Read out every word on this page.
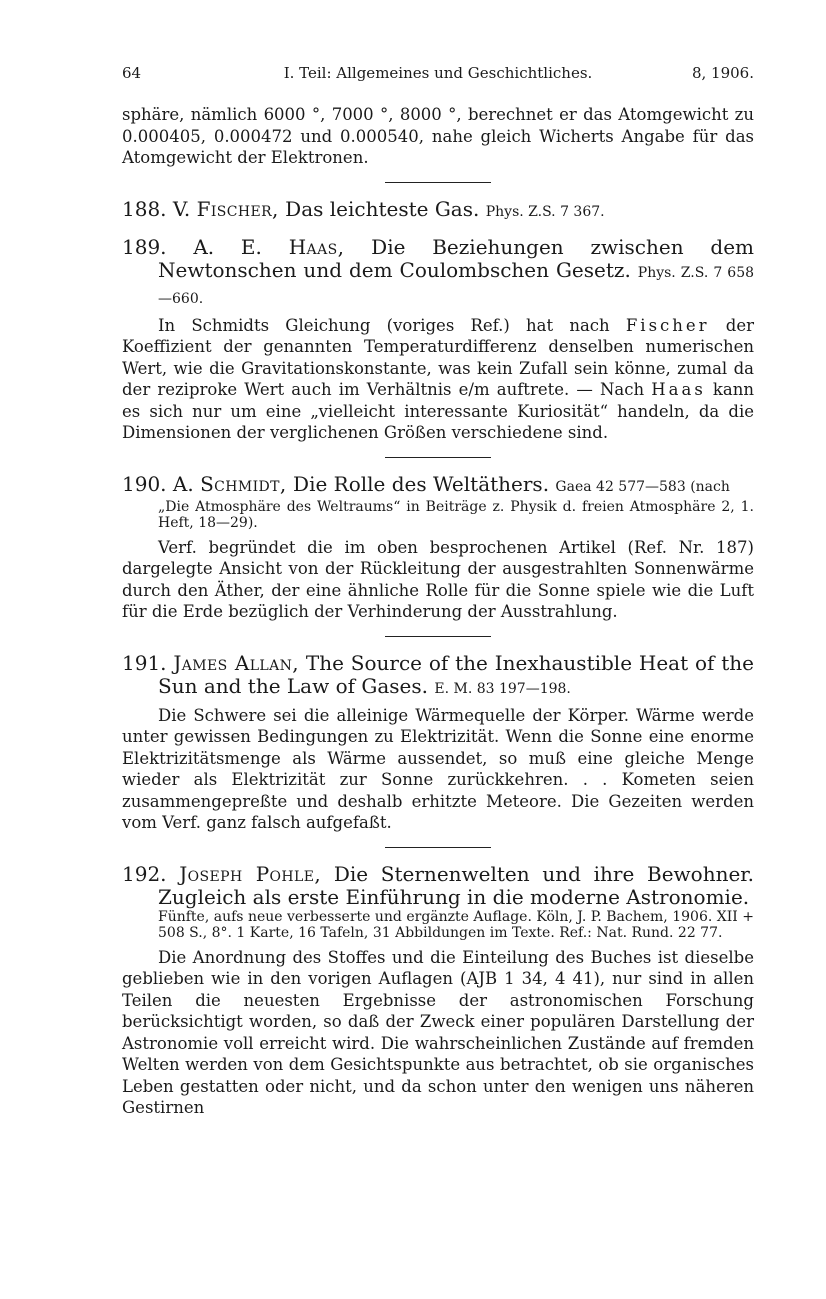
64	I. Teil: Allgemeines und Geschichtliches.	8, 1906.

sphäre, nämlich 6000 °, 7000 °, 8000 °, berechnet er das Atomgewicht zu 0.000405, 0.000472 und 0.000540, nahe gleich Wicherts Angabe für das Atomgewicht der Elektronen.

188. V. Fischer, Das leichteste Gas. Phys. Z.S. 7 367.

189. A. E. Haas, Die Beziehungen zwischen dem Newtonschen und dem Coulombschen Gesetz. Phys. Z.S. 7 658—660.

In Schmidts Gleichung (voriges Ref.) hat nach Fischer der Koeffizient der genannten Temperaturdifferenz denselben numerischen Wert, wie die Gravitationskonstante, was kein Zufall sein könne, zumal da der reziproke Wert auch im Verhältnis e/m auftrete. — Nach Haas kann es sich nur um eine „vielleicht interessante Kuriosität“ handeln, da die Dimensionen der verglichenen Größen verschiedene sind.

190. A. Schmidt, Die Rolle des Weltäthers. Gaea 42 577—583 (nach

„Die Atmosphäre des Weltraums“ in Beiträge z. Physik d. freien Atmosphäre 2, 1. Heft, 18—29).

Verf. begründet die im oben besprochenen Artikel (Ref. Nr. 187) dargelegte Ansicht von der Rückleitung der ausgestrahlten Sonnenwärme durch den Äther, der eine ähnliche Rolle für die Sonne spiele wie die Luft für die Erde bezüglich der Verhinderung der Ausstrahlung.

191. James Allan, The Source of the Inexhaustible Heat of the Sun and the Law of Gases. E. M. 83 197—198.

Die Schwere sei die alleinige Wärmequelle der Körper. Wärme werde unter gewissen Bedingungen zu Elektrizität. Wenn die Sonne eine enorme Elektrizitätsmenge als Wärme aussendet, so muß eine gleiche Menge wieder als Elektrizität zur Sonne zurückkehren. . . Kometen seien zusammengepreßte und deshalb erhitzte Meteore. Die Gezeiten werden vom Verf. ganz falsch aufgefaßt.

192. Joseph Pohle, Die Sternenwelten und ihre Bewohner. Zugleich als erste Einführung in die moderne Astronomie.

Fünfte, aufs neue verbesserte und ergänzte Auflage. Köln, J. P. Bachem, 1906. XII + 508 S., 8°. 1 Karte, 16 Tafeln, 31 Abbildungen im Texte. Ref.: Nat. Rund. 22 77.

Die Anordnung des Stoffes und die Einteilung des Buches ist dieselbe geblieben wie in den vorigen Auflagen (AJB 1 34, 4 41), nur sind in allen Teilen die neuesten Ergebnisse der astronomischen Forschung berücksichtigt worden, so daß der Zweck einer populären Darstellung der Astronomie voll erreicht wird. Die wahrscheinlichen Zustände auf fremden Welten werden von dem Gesichtspunkte aus betrachtet, ob sie organisches Leben gestatten oder nicht, und da schon unter den wenigen uns näheren Gestirnen
